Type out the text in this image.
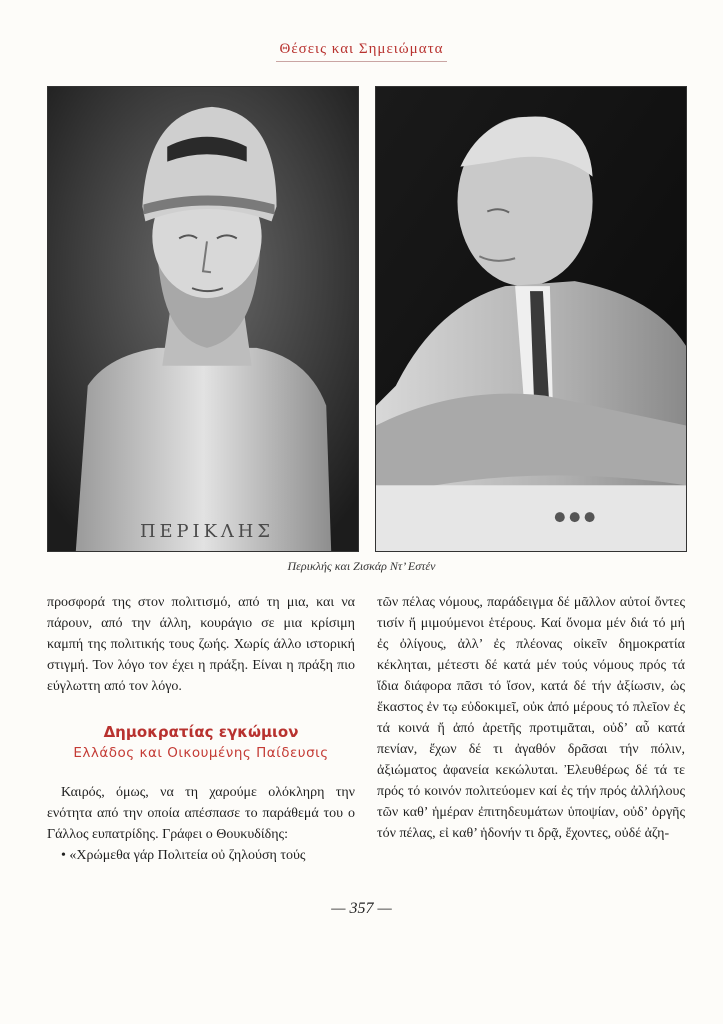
Θέσεις και Σημειώματα
ΠΕΡΙΚΛΗΣ
Περικλής και Ζισκάρ Ντ’ Εστέν

προσφορά της στον πολιτισμό, από τη μια, και να πάρουν, από την άλλη, κουράγιο σε μια κρίσιμη καμπή της πολιτικής τους ζωής. Χωρίς άλλο ιστορική στιγμή. Τον λόγο τον έχει η πράξη. Είναι η πράξη πιο εύγλωττη από τον λόγο.

Δημοκρατίας εγκώμιον
Ελλάδος και Οικουμένης Παίδευσις

Καιρός, όμως, να τη χαρούμε ολόκληρη την ενότητα από την οποία απέσπασε το παράθεμά του ο Γάλλος ευπατρίδης. Γράφει ο Θουκυδίδης:

• «Χρώμεθα γάρ Πολιτεία οὐ ζηλούση τούς

τῶν πέλας νόμους, παράδειγμα δέ μᾶλλον αὐτοί ὄντες τισίν ἤ μιμούμενοι ἑτέρους. Καί ὄνομα μέν διά τό μή ἐς ὀλίγους, ἀλλ’ ἐς πλέονας οἰκεῖν δημοκρατία κέκληται, μέτεστι δέ κατά μέν τούς νόμους πρός τά ἴδια διάφορα πᾶσι τό ἴσον, κατά δέ τήν ἀξίωσιν, ὡς ἕκαστος ἐν τῳ εὐδοκιμεῖ, οὐκ ἀπό μέρους τό πλεῖον ἐς τά κοινά ἤ ἀπό ἀρετῆς προτιμᾶται, οὐδ’ αὖ κατά πενίαν, ἔχων δέ τι ἀγαθόν δρᾶσαι τήν πόλιν, ἀξιώματος ἀφανεία κεκώλυται. Ἐλευθέρως δέ τά τε πρός τό κοινόν πολιτεύομεν καί ἐς τήν πρός ἀλλήλους τῶν καθ’ ἡμέραν ἐπιτηδευμάτων ὑποψίαν, οὐδ’ ὀργῆς τόν πέλας, εἰ καθ’ ἡδονήν τι δρᾷ, ἔχοντες, οὐδέ ἀζη-

— 357 —
